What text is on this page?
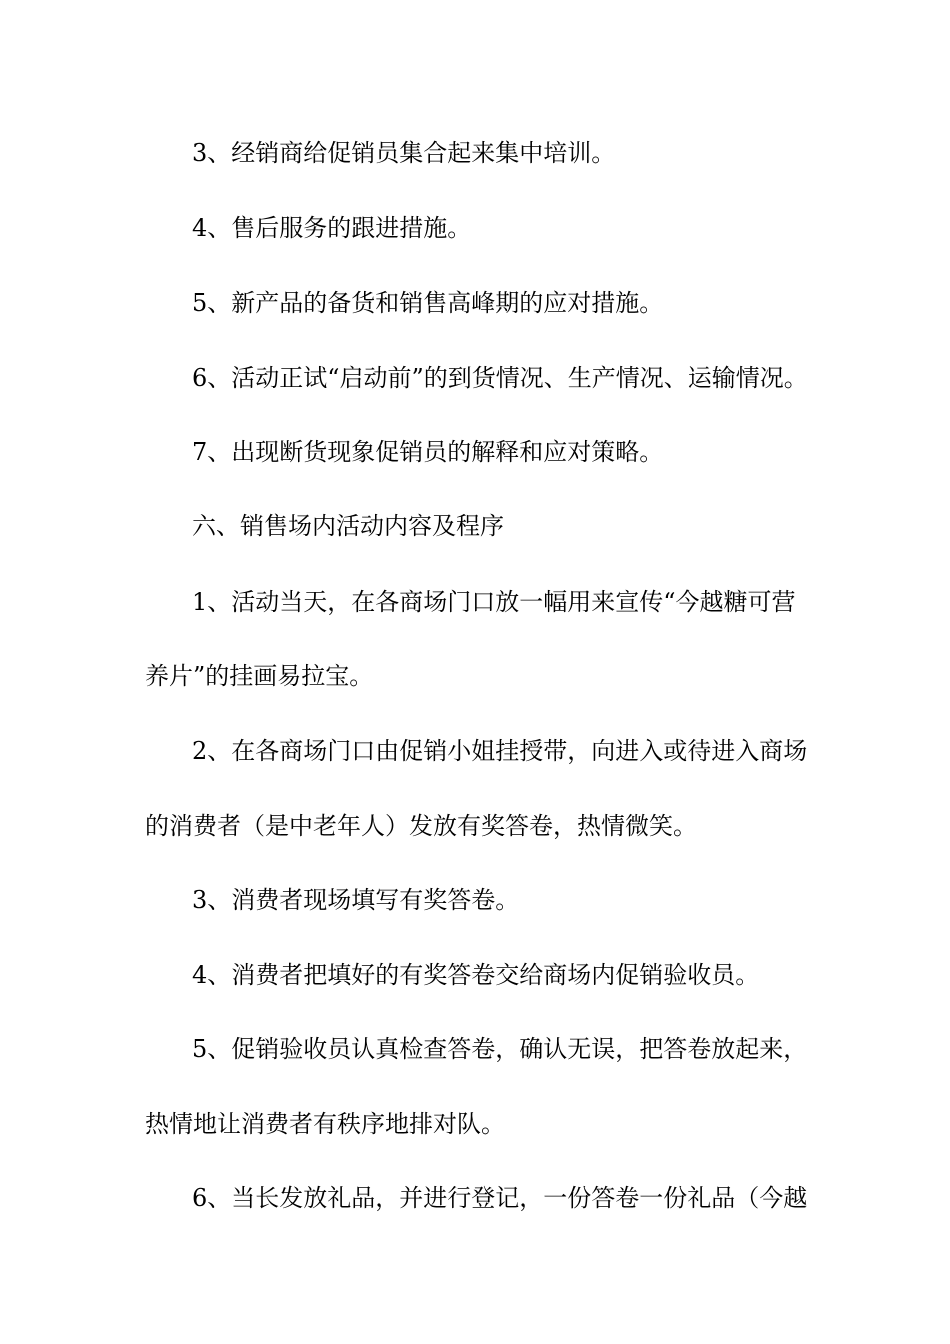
3、经销商给促销员集合起来集中培训。
4、售后服务的跟进措施。
5、新产品的备货和销售高峰期的应对措施。
6、活动正试“启动前”的到货情况、生产情况、运输情况。
7、出现断货现象促销员的解释和应对策略。
六、销售场内活动内容及程序
1、活动当天，在各商场门口放一幅用来宣传“今越糖可营
养片”的挂画易拉宝。
2、在各商场门口由促销小姐挂授带，向进入或待进入商场
的消费者（是中老年人）发放有奖答卷，热情微笑。
3、消费者现场填写有奖答卷。
4、消费者把填好的有奖答卷交给商场内促销验收员。
5、促销验收员认真检查答卷，确认无误，把答卷放起来，
热情地让消费者有秩序地排对队。
6、当长发放礼品，并进行登记，一份答卷一份礼品（今越
